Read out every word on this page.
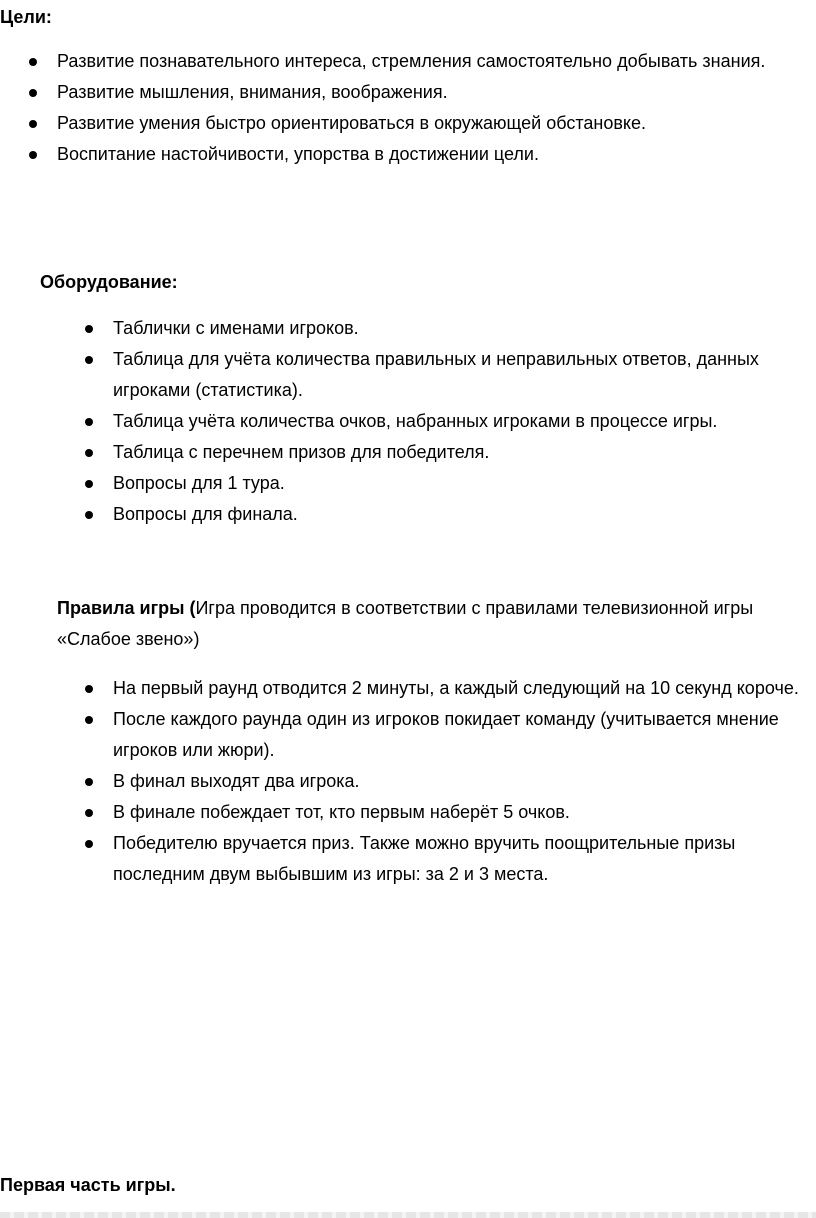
Цели:

Развитие познавательного интереса, стремления самостоятельно добывать знания.
Развитие мышления, внимания, воображения.
Развитие умения быстро ориентироваться в окружающей обстановке.
Воспитание настойчивости, упорства в достижении цели.

Оборудование:

Таблички с именами игроков.
Таблица для учёта количества правильных и неправильных ответов, данных игроками (статистика).
Таблица учёта количества очков, набранных игроками в процессе игры.
Таблица с перечнем призов для победителя.
Вопросы для 1 тура.
Вопросы для финала.

Правила игры (Игра проводится в соответствии с правилами телевизионной игры «Слабое звено»)

На первый раунд отводится 2 минуты, а каждый следующий на 10 секунд короче.
После каждого раунда один из игроков покидает команду (учитывается мнение игроков или жюри).
В финал выходят два игрока.
В финале побеждает тот, кто первым наберёт 5 очков.
Победителю вручается приз. Также можно вручить поощрительные призы последним двум выбывшим из игры: за 2 и 3 места.

Первая часть игры.
